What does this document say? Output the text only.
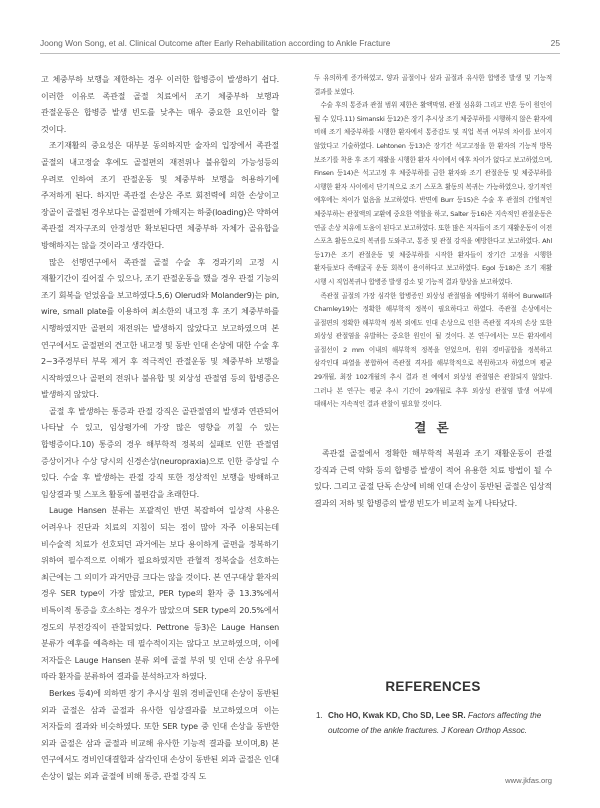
Joong Won Song, et al. Clinical Outcome after Early Rehabilitation according to Ankle Fracture	25

고 체중부하 보행을 제한하는 경우 이러한 합병증이 발생하기 쉽다. 이러한 이유로 족관절 골절 치료에서 조기 체중부하 보행과 관절운동은 합병증 발생 빈도를 낮추는 매우 중요한 요인이라 할 것이다.

조기재활의 중요성은 대부분 동의하지만 술자의 입장에서 족관절 골절의 내고정술 후에도 골절편의 재전위나 불유합의 가능성등의 우려로 인하여 조기 관절운동 및 체중부하 보행을 허용하기에 주저하게 된다. 하지만 족관절 손상은 주로 회전력에 의한 손상이고 장골이 골절된 경우보다는 골절편에 가해지는 하중(loading)은 약하여 족관절 격자구조의 안정성만 확보된다면 체중부하 자체가 골유합을 방해하지는 않을 것이라고 생각한다.

많은 선행연구에서 족관절 골절 수술 후 경과기의 고정 시 재활기간이 길어질 수 있으나, 조기 관절운동을 했을 경우 관절 기능의 조기 회복을 얻었음을 보고하였다.5,6) Olerud와 Molander9)는 pin, wire, small plate를 이용하여 최소한의 내고정 후 조기 체중부하를 시행하였지만 골편의 재전위는 발생하지 않았다고 보고하였으며 본 연구에서도 골절편의 견고한 내고정 및 동반 인대 손상에 대한 수술 후 2~3주경부터 부목 제거 후 적극적인 관절운동 및 체중부하 보행을 시작하였으나 골편의 전위나 불유합 및 외상성 관절염 등의 합병증은 발생하지 않았다.

골절 후 발생하는 통증과 관절 강직은 골관절염의 발생과 연관되어 나타날 수 있고, 임상평가에 가장 많은 영향을 끼칠 수 있는 합병증이다.10) 통증의 경우 해부학적 정복의 실패로 인한 관절염 증상이거나 수상 당시의 신경손상(neuropraxia)으로 인한 증상일 수 있다. 수술 후 발생하는 관절 강직 또한 정상적인 보행을 방해하고 임상결과 및 스포츠 활동에 불편감을 초래한다.

Lauge Hansen 분류는 포괄적인 반면 복잡하여 일상적 사용은 어려우나 진단과 치료의 지침이 되는 점이 많아 자주 이용되는데 비수술적 치료가 선호되던 과거에는 보다 용이하게 골편을 정복하기 위하여 필수적으로 이해가 필요하였지만 관혈적 정복술을 선호하는 최근에는 그 의미가 과거만큼 크다는 않을 것이다. 본 연구대상 환자의 경우 SER type이 가장 많았고, PER type의 환자 중 13.3%에서 비특이적 통증을 호소하는 경우가 많았으며 SER type의 20.5%에서 경도의 부전강직이 관찰되었다. Pettrone 등3)은 Lauge Hansen 분류가 예후를 예측하는 데 필수적이지는 않다고 보고하였으며, 이에 저자들은 Lauge Hansen 분류 외에 골절 부위 및 인대 손상 유무에 따라 환자를 분류하여 결과를 분석하고자 하였다.

Berkes 등4)에 의하면 장기 추시상 원위 경비골인대 손상이 동반된 외과 골절은 삼과 골절과 유사한 임상결과를 보고하였으며 이는 저자들의 결과와 비슷하였다. 또한 SER type 중 인대 손상을 동반한 외과 골절은 삼과 골절과 비교해 유사한 기능적 결과를 보이며,8) 본 연구에서도 경비인대결합과 삼각인대 손상이 동반된 외과 골절은 인대 손상이 없는 외과 골절에 비해 통증, 관절 강직 도

두 유의하게 증가하였고, 양과 골절이나 삼과 골절과 유사한 합병증 발생 및 기능적 결과를 보였다.

수술 후의 통증과 관절 범위 제한은 활액막염, 관절 섬유화 그리고 반흔 등이 원인이 될 수 있다.11) Simanski 등12)은 장기 추시상 조기 체중부하를 시행하지 않은 환자에 비해 조기 체중부하를 시행한 환자에서 통증감도 및 직업 복귀 여부의 차이를 보이지 않았다고 기술하였다. Lehtonen 등13)은 장기간 석고고정을 한 환자의 기능적 방목 보조기를 착용 후 조기 재활을 시행한 환자 사이에서 애후 차이가 없다고 보고하였으며, Finsen 등14)은 석고고정 후 체중부하를 금한 환자와 조기 관절운동 및 체중부하를 시행한 환자 사이에서 단기적으로 조기 스포츠 활동의 복귀는 가능하였으나, 장기적인 예후에는 차이가 없음을 보고하였다. 반면에 Burr 등15)은 수술 후 관절의 간헐적인 체중부하는 관절액의 교환에 중요한 역할을 하고, Salter 등16)은 지속적인 관절운동은 연골 손상 치유에 도움이 된다고 보고하였다. 또한 많은 저자들이 조기 재활운동이 이전 스포츠 활동으로의 복귀를 도와주고, 통증 및 관절 강직을 예방한다고 보고하였다. Ahl 등17)은 조기 관절운동 및 체중부하를 시작한 환자들이 장기간 고정을 시행한 환자들보다 족배굴곡 운동 회복이 용이하다고 보고하였다. Egol 등18)은 조기 재활 시행 시 직업복귀나 합병증 발생 감소 및 기능적 결과 향상을 보고하였다.

족관절 골절의 가장 심각한 합병증인 외상성 관절염을 예방하기 위하여 Burwell과 Charnley19)는 정확한 해부학적 정복이 필요하다고 하였다. 족관절 손상에서는 골절편의 정확한 해부학적 정복 외에도 인대 손상으로 인한 족관절 격자의 손상 또한 외상성 관절염을 유발하는 중요한 원인이 될 것이다. 본 연구에서는 모든 환자에서 골절선이 2 mm 이내의 해부학적 정복을 얻었으며, 원위 경비골합을 정복하고 삼각인대 파열을 봉합하여 족관절 격자를 해부학적으로 복원하고자 하였으며 평균 29개월, 최장 102개월의 추시 결과 전 예에서 외상성 관절염은 관찰되지 않았다. 그러나 본 연구는 평균 추시 기간이 29개월로 추후 외상성 관절염 발생 여부에 대해서는 지속적인 결과 관찰이 필요할 것이다.

결 론

족관절 골절에서 정확한 해부학적 복원과 조기 재활운동이 관절 강직과 근력 약화 등의 합병증 발생이 적어 유용한 치료 방법이 될 수 있다. 그리고 골절 단독 손상에 비해 인대 손상이 동반된 골절은 임상적 결과의 저하 및 합병증의 발생 빈도가 비교적 높게 나타났다.

REFERENCES
1. Cho HO, Kwak KD, Cho SD, Lee SR. Factors affecting the outcome of the ankle fractures. J Korean Orthop Assoc.
www.jkfas.org
